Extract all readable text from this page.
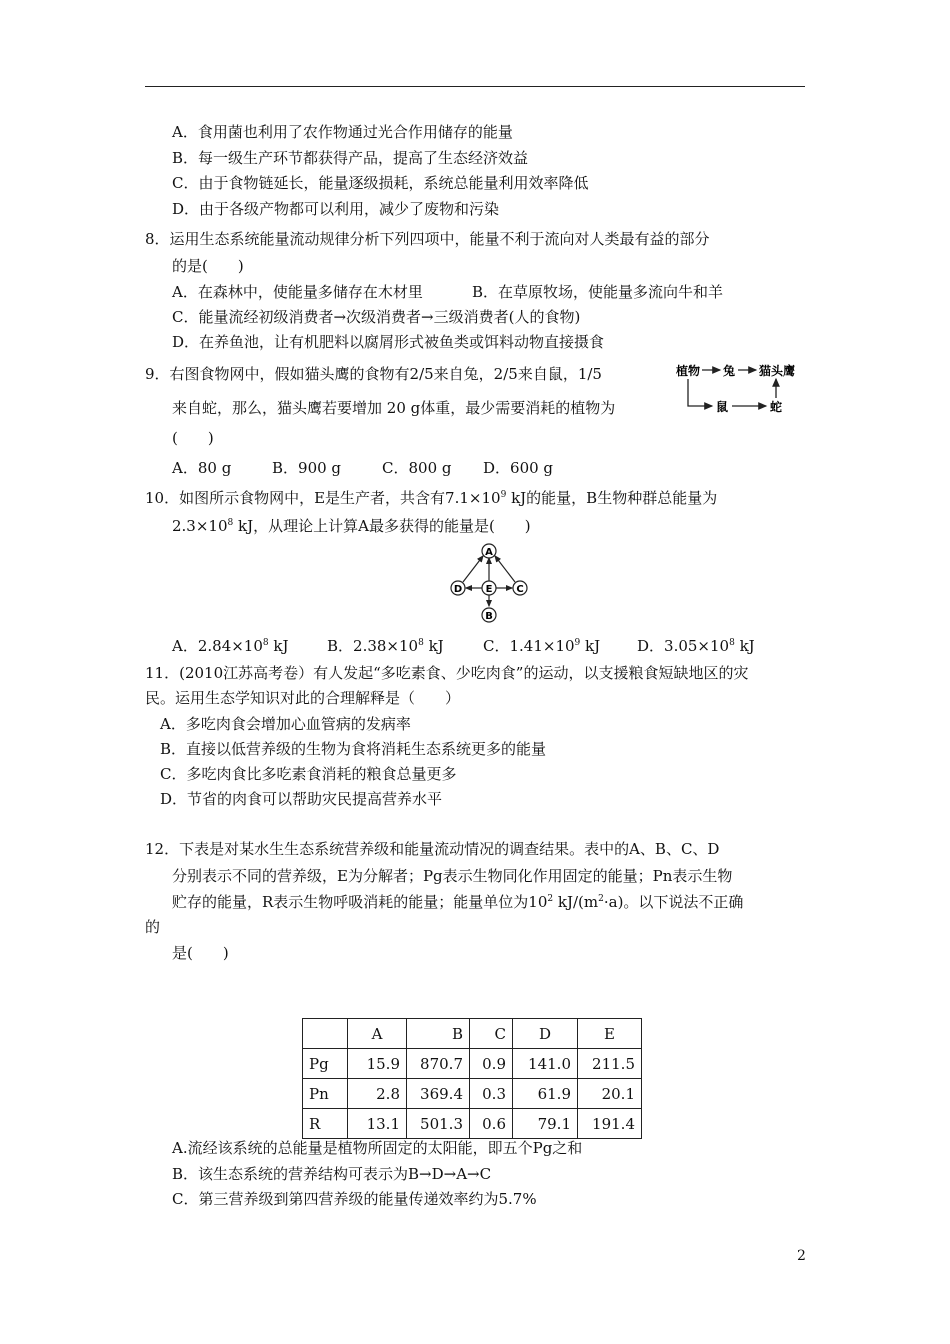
A．食用菌也利用了农作物通过光合作用储存的能量
B．每一级生产环节都获得产品，提高了生态经济效益
C．由于食物链延长，能量逐级损耗，系统总能量利用效率降低
D．由于各级产物都可以利用，减少了废物和污染
8．运用生态系统能量流动规律分析下列四项中，能量不利于流向对人类最有益的部分
的是(　　)
A．在森林中，使能量多储存在木材里	B．在草原牧场，使能量多流向牛和羊
C．能量流经初级消费者→次级消费者→三级消费者(人的食物)
D．在养鱼池，让有机肥料以腐屑形式被鱼类或饵料动物直接摄食
9．右图食物网中，假如猫头鹰的食物有2/5来自兔，2/5来自鼠，1/5
来自蛇，那么，猫头鹰若要增加 20 g体重，最少需要消耗的植物为
(　　)
植物 兔 猫头鹰
鼠	蛇
A．80 g	B．900 g	C．800 g D．600 g
10．如图所示食物网中，E是生产者，共含有$7.1\times 10^9$ kJ的能量，B生物种群总能量为
$2.3\times 10^8$ kJ，从理论上计算A最多获得的能量是(　　)
A
D E C
B
A．$2.84\times 10^8$ kJ	B．$2.38\times 10^8$ kJ	C．$1.41\times 10^9$ kJ D．$3.05\times 10^8$ kJ
11．(2010江苏高考卷）有人发起“多吃素食、少吃肉食”的运动，以支援粮食短缺地区的灾
民。运用生态学知识对此的合理解释是（　　）
A．多吃肉食会增加心血管病的发病率
B．直接以低营养级的生物为食将消耗生态系统更多的能量
C．多吃肉食比多吃素食消耗的粮食总量更多
D．节省的肉食可以帮助灾民提高营养水平
12．下表是对某水生生态系统营养级和能量流动情况的调查结果。表中的A、B、C、D
分别表示不同的营养级，E为分解者；Pg表示生物同化作用固定的能量；Pn表示生物
贮存的能量，R表示生物呼吸消耗的能量；能量单位为$10^2$ $kJ/(m^2\cdot a)$。以下说法不正确
的
是(　　)
	A	B	C	D	E
Pg	15.9	870.7	0.9	141.0	211.5
Pn	2.8	369.4	0.3	61.9	20.1
R	13.1	501.3	0.6	79.1	191.4
A.流经该系统的总能量是植物所固定的太阳能，即五个Pg之和
B．该生态系统的营养结构可表示为B→D→A→C
C．第三营养级到第四营养级的能量传递效率约为5.7%
2
